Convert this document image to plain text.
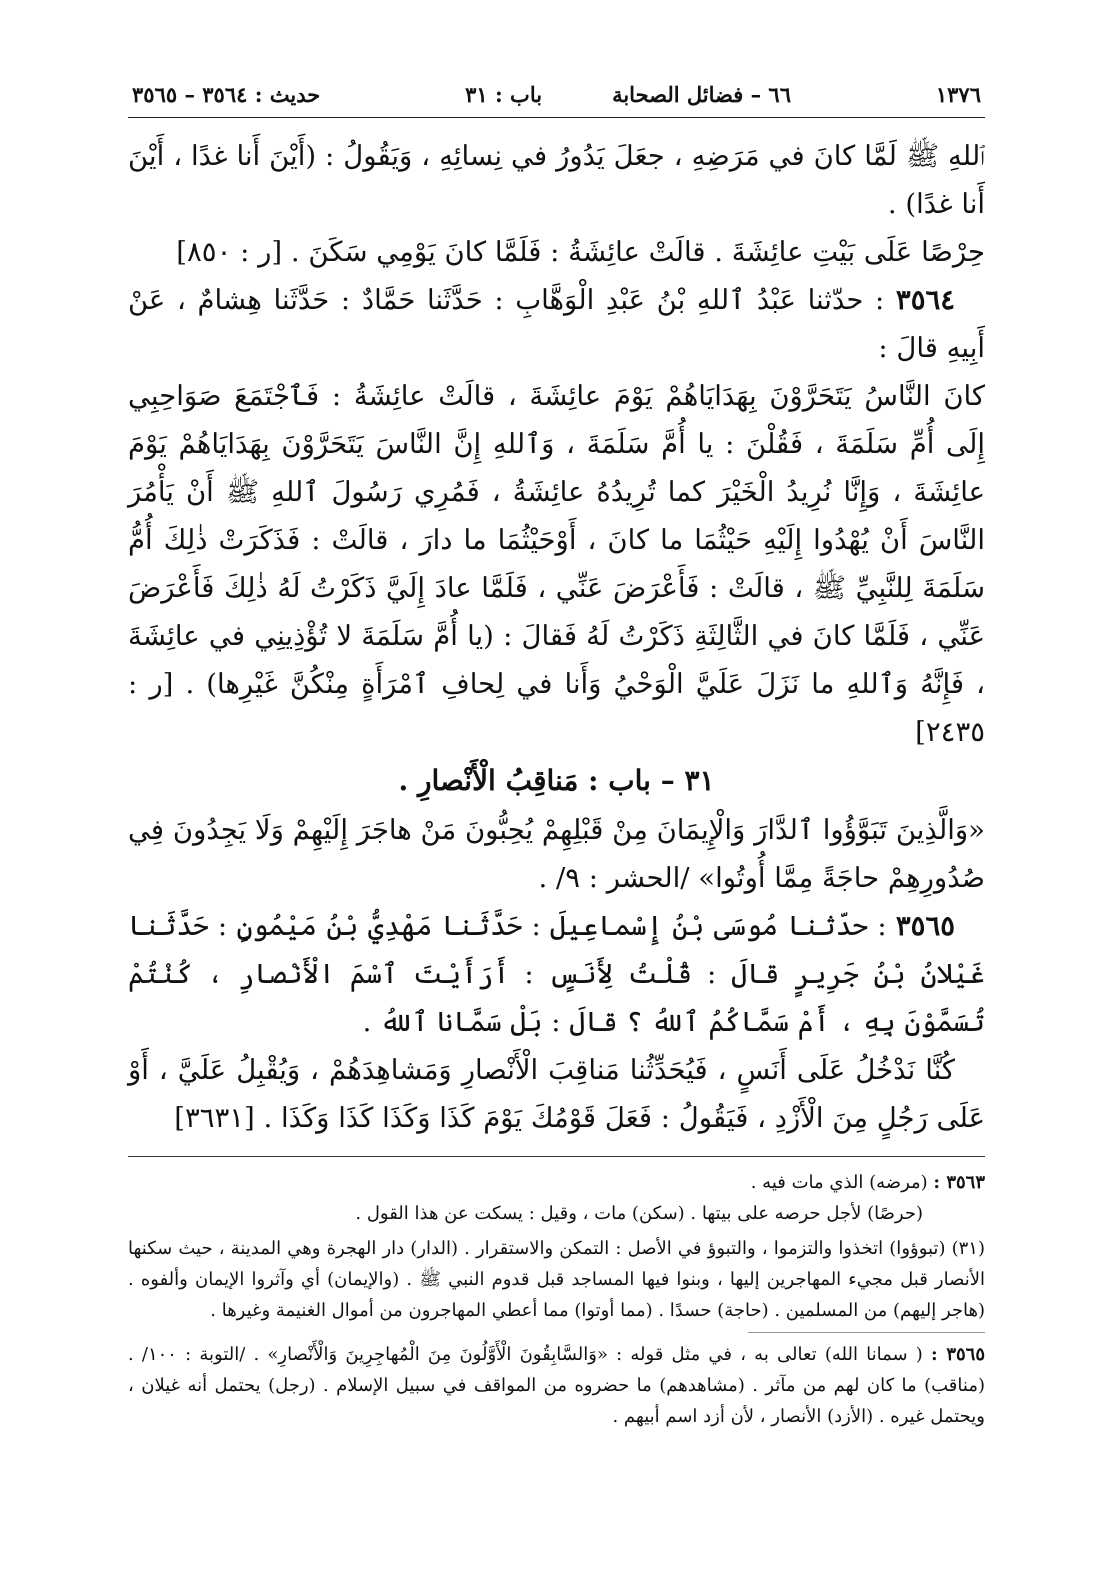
١٣٧٦
٦٦ – فضائل الصحابة
باب : ٣١
حديث : ٣٥٦٤ – ٣٥٦٥

ٱللهِ ﷺ لَمَّا كانَ في مَرَضِهِ ، جعَلَ يَدُورُ في نِسائِهِ ، وَيَقُولُ : (أَيْنَ أَنا غدًا ، أَيْنَ أَنا غدًا) .

حِرْصًا عَلَى بَيْتِ عائِشَةَ . قالَتْ عائِشَةُ : فَلَمَّا كانَ يَوْمِي سَكَنَ . [ر : ٨٥٠]

٣٥٦٤ : حدّثنا عَبْدُ ٱللهِ بْنُ عَبْدِ الْوَهَّابِ : حَدَّثَنا حَمَّادٌ : حَدَّثَنا هِشامٌ ، عَنْ أَبِيهِ قالَ :

كانَ النَّاسُ يَتَحَرَّوْنَ بِهَدَايَاهُمْ يَوْمَ عائِشَةَ ، قالَتْ عائِشَةُ : فَٱجْتَمَعَ صَوَاحِبِي إِلَى أُمِّ سَلَمَةَ ، فَقُلْنَ : يا أُمَّ سَلَمَةَ ، وَٱللهِ إِنَّ النَّاسَ يَتَحَرَّوْنَ بِهَدَايَاهُمْ يَوْمَ عائِشَةَ ، وَإِنَّا نُرِيدُ الْخَيْرَ كما تُرِيدُهُ عائِشَةُ ، فَمُرِي رَسُولَ ٱللهِ ﷺ أَنْ يَأْمُرَ النَّاسَ أَنْ يُهْدُوا إِلَيْهِ حَيْثُمَا ما كانَ ، أَوْحَيْثُمَا ما دارَ ، قالَتْ : فَذَكَرَتْ ذٰلِكَ أُمُّ سَلَمَةَ لِلنَّبِيِّ ﷺ ، قالَتْ : فَأَعْرَضَ عَنِّي ، فَلَمَّا عادَ إِلَيَّ ذَكَرْتُ لَهُ ذٰلِكَ فَأَعْرَضَ عَنِّي ، فَلَمَّا كانَ في الثَّالِثَةِ ذَكَرْتُ لَهُ فَقالَ : (يا أُمَّ سَلَمَةَ لا تُؤْذِينِي في عائِشَةَ ، فَإِنَّهُ وَٱللهِ ما نَزَلَ عَلَيَّ الْوَحْيُ وَأَنا في لِحافِ ٱمْرَأَةٍ مِنْكُنَّ غَيْرِها) . [ر : ٢٤٣٥]

٣١ – باب : مَناقِبُ الْأَنْصارِ .

«وَالَّذِينَ تَبَوَّؤُوا ٱلدَّارَ وَالْإِيمَانَ مِنْ قَبْلِهِمْ يُحِبُّونَ مَنْ هاجَرَ إِلَيْهِمْ وَلَا يَجِدُونَ فِي صُدُورِهِمْ حاجَةً مِمَّا أُوتُوا» /الحشر : ٩/ .

٣٥٦٥ : حدّثنا مُوسَى بْنُ إِسْماعِيلَ : حَدَّثَنا مَهْدِيُّ بْنُ مَيْمُونٍ : حَدَّثَنا غَيْلانُ بْنُ جَرِيرٍ قالَ : قُلْتُ لِأَنَسٍ : أَرَأَيْتَ ٱسْمَ الْأَنْصارِ ، كُنْتُمْ تُسَمَّوْنَ بِهِ ، أَمْ سَمَّاكُمُ ٱللهُ ؟ قالَ : بَلْ سَمَّانا ٱللهُ .

كُنَّا نَدْخُلُ عَلَى أَنَسٍ ، فَيُحَدِّثُنا مَناقِبَ الْأَنْصارِ وَمَشاهِدَهُمْ ، وَيُقْبِلُ عَلَيَّ ، أَوْ عَلَى رَجُلٍ مِنَ الْأَزْدِ ، فَيَقُولُ : فَعَلَ قَوْمُكَ يَوْمَ كَذَا وَكَذَا كَذَا وَكَذَا . [٣٦٣١]

٣٥٦٣ : (مرضه) الذي مات فيه .

(حرصًا) لأجل حرصه على بيتها . (سكن) مات ، وقيل : يسكت عن هذا القول .

(٣١) (تبوؤوا) اتخذوا والتزموا ، والتبوؤ في الأصل : التمكن والاستقرار . (الدار) دار الهجرة وهي المدينة ، حيث سكنها الأنصار قبل مجيء المهاجرين إليها ، وبنوا فيها المساجد قبل قدوم النبي ﷺ . (والإيمان) أي وآثروا الإيمان وألفوه . (هاجر إليهم) من المسلمين . (حاجة) حسدًا . (مما أوتوا) مما أعطي المهاجرون من أموال الغنيمة وغيرها .

٣٥٦٥ : ( سمانا الله) تعالى به ، في مثل قوله : «وَالسَّابِقُونَ الْأَوَّلُونَ مِنَ الْمُهاجِرِينَ وَالْأَنْصارِ» . /التوبة : ١٠٠/ . (مناقب) ما كان لهم من مآثر . (مشاهدهم) ما حضروه من المواقف في سبيل الإسلام . (رجل) يحتمل أنه غيلان ، ويحتمل غيره . (الأزد) الأنصار ، لأن أزد اسم أبيهم .
